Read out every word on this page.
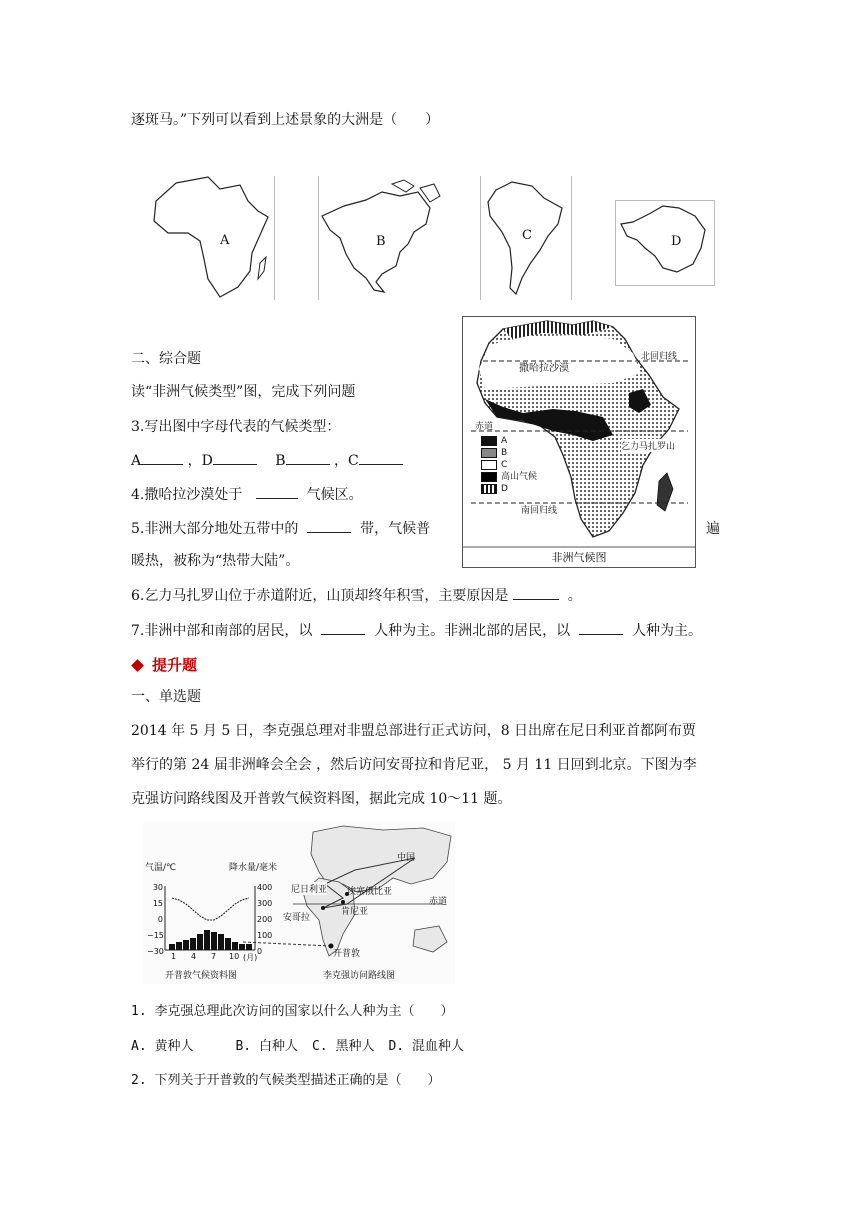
逐斑马。”下列可以看到上述景象的大洲是（　　）
A	B	C	D
二、综合题
读“非洲气候类型”图，完成下列问题
3.写出图中字母代表的气候类型：
A	，D	B	，C
4.撒哈拉沙漠处于	气候区。
5.非洲大部分地处五带中的	带，气候普	遍
暖热，被称为“热带大陆”。
6.乞力马扎罗山位于赤道附近，山顶却终年积雪，主要原因是	。
7.非洲中部和南部的居民，以	人种为主。非洲北部的居民，以	人种为主。
撒哈拉沙漠
北回归线
赤道
乞力马扎罗山
南回归线
A
B
C
高山气候
D
非洲气候图
提升题
一、单选题
2014 年 5 月 5 日，李克强总理对非盟总部进行正式访问，8 日出席在尼日利亚首都阿布贾
举行的第 24 届非洲峰会全会 ，然后访问安哥拉和肯尼亚， 5 月 11 日回到北京。下图为李
克强访问路线图及开普敦气候资料图，据此完成 10～11 题。
气温/℃	降水量/毫米
30
15
0
−15
−30
400
300
200
100
0
1 4 7 10 (月)
开普敦气候资料图	李克强访问路线图
中国
尼日利亚 埃塞俄比亚
安哥拉
肯尼亚
赤道
开普敦
1. 李克强总理此次访问的国家以什么人种为主（　　）
A. 黄种人	B. 白种人 C. 黑种人 D. 混血种人
2. 下列关于开普敦的气候类型描述正确的是（　　）
